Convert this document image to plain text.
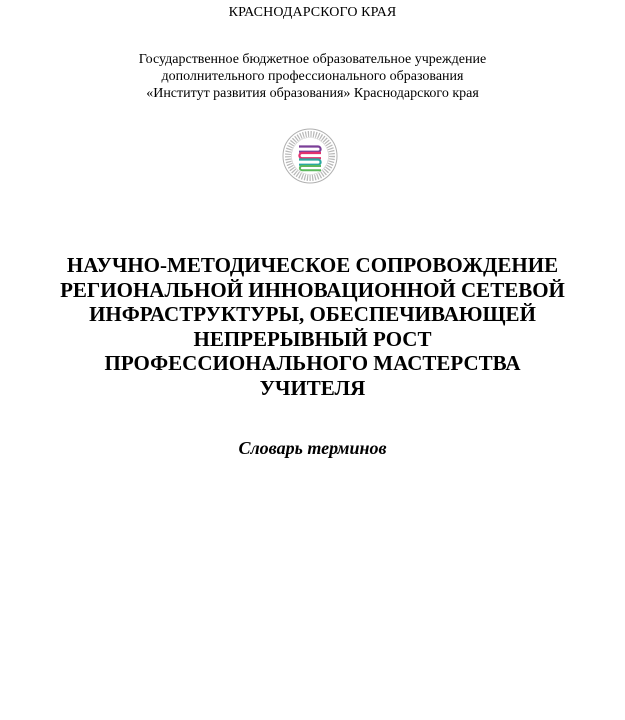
КРАСНОДАРСКОГО КРАЯ
Государственное бюджетное образовательное учреждение
дополнительного профессионального образования
«Институт развития образования» Краснодарского края
НАУЧНО-МЕТОДИЧЕСКОЕ СОПРОВОЖДЕНИЕ
РЕГИОНАЛЬНОЙ ИННОВАЦИОННОЙ СЕТЕВОЙ
ИНФРАСТРУКТУРЫ, ОБЕСПЕЧИВАЮЩЕЙ
НЕПРЕРЫВНЫЙ РОСТ
ПРОФЕССИОНАЛЬНОГО МАСТЕРСТВА
УЧИТЕЛЯ
Словарь терминов
